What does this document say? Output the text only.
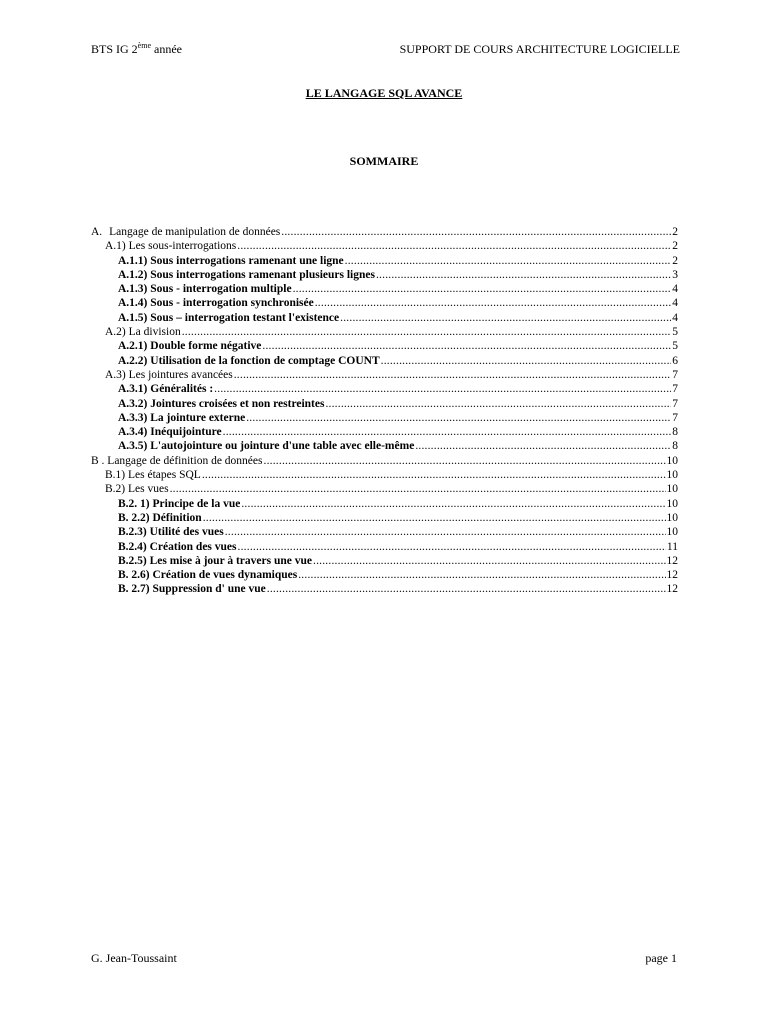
BTS IG 2ème année	SUPPORT DE COURS ARCHITECTURE LOGICIELLE
LE LANGAGE SQL AVANCE
SOMMAIRE
A. Langage de manipulation de données .....	2
A.1) Les sous-interrogations .....	2
A.1.1) Sous interrogations ramenant une ligne .....	2
A.1.2) Sous interrogations ramenant plusieurs lignes .....	3
A.1.3) Sous - interrogation multiple .....	4
A.1.4) Sous - interrogation synchronisée .....	4
A.1.5) Sous – interrogation testant l'existence .....	4
A.2) La division .....	5
A.2.1) Double forme négative .....	5
A.2.2) Utilisation de la fonction de comptage COUNT .....	6
A.3) Les jointures avancées .....	7
A.3.1) Généralités : .....	7
A.3.2) Jointures croisées et non restreintes .....	7
A.3.3) La jointure externe .....	7
A.3.4) Inéquijointure .....	8
A.3.5) L'autojointure ou jointure d'une table avec elle-même .....	8
B . Langage de définition de données .....	10
B.1) Les étapes SQL .....	10
B.2) Les vues .....	10
B.2. 1) Principe de la vue .....	10
B. 2.2) Définition .....	10
B.2.3) Utilité des vues .....	10
B.2.4) Création des vues .....	11
B.2.5) Les mise à jour à travers une vue .....	12
B. 2.6) Création de vues dynamiques .....	12
B. 2.7) Suppression d' une vue .....	12
G. Jean-Toussaint	page 1
